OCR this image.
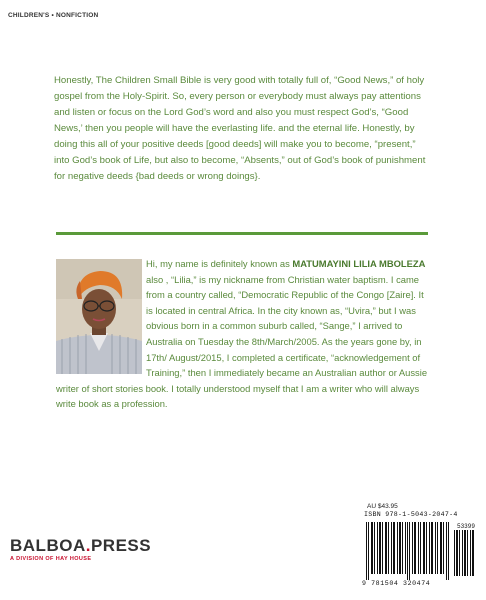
CHILDREN'S • NONFICTION

Honestly, The Children Small Bible is very good with totally full of, “Good News,” of holy gospel from the Holy-Spirit. So, every person or everybody must always pay attentions and listen or focus on the Lord God’s word and also you must respect God’s, “Good News,’ then you people will have the everlasting life. and the eternal life. Honestly, by doing this all of your positive deeds [good deeds] will make you to become, “present,” into God’s book of Life, but also to become, “Absents,” out of God’s book of punishment for negative deeds {bad deeds or wrong doings}.

Hi, my name is definitely known as MATUMAYINI LILIA MBOLEZA also , “Lilia,” is my nickname from Christian water baptism. I came from a country called, “Democratic Republic of the Congo [Zaire]. It is located in central Africa. In the city known as, “Uvira,” but I was obvious born in a common suburb called, “Sange,” I arrived to Australia on Tuesday the 8th/March/2005. As the years gone by, in 17th/ August/2015, I completed a certificate, “acknowledgement of Training,” then I immediately became an Australian author or Aussie writer of short stories book. I totally understood myself that I am a writer who will always write book as a profession.

AU $43.95
ISBN 978-1-5043-2047-4
53399
9 781504 320474
BALBOA.PRESS
A DIVISION OF HAY HOUSE
